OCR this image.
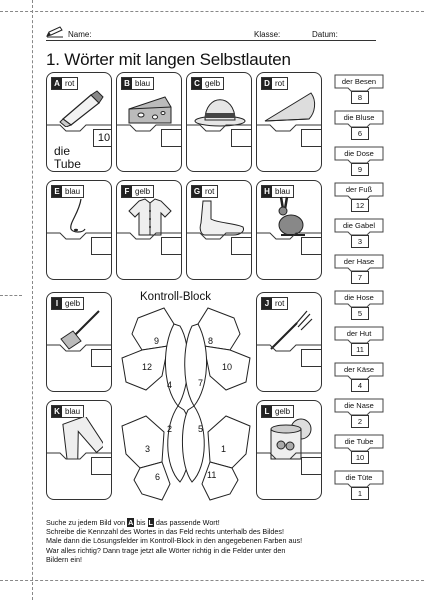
Name:	Klasse:	Datum:
1. Wörter mit langen Selbstlauten
A rot
10
die
Tube
B blau	C gelb	D rot
E blau	F gelb	G rot	H blau
I gelb	J rot
K blau	L gelb
Kontroll-Block
9	8
12	10
4	7
2	5
3	1
6	11
der Besen
8
die Bluse
6
die Dose
9
der Fuß
12
die Gabel
3
der Hase
7
die Hose
5
der Hut
11
der Käse
4
die Nase
2
die Tube
10
die Tüte
1
Suche zu jedem Bild von A bis L das passende Wort!
Schreibe die Kennzahl des Wortes in das Feld rechts unterhalb des Bildes!
Male dann die Lösungsfelder im Kontroll-Block in den angegebenen Farben aus!
War alles richtig? Dann trage jetzt alle Wörter richtig in die Felder unter den
Bildern ein!
